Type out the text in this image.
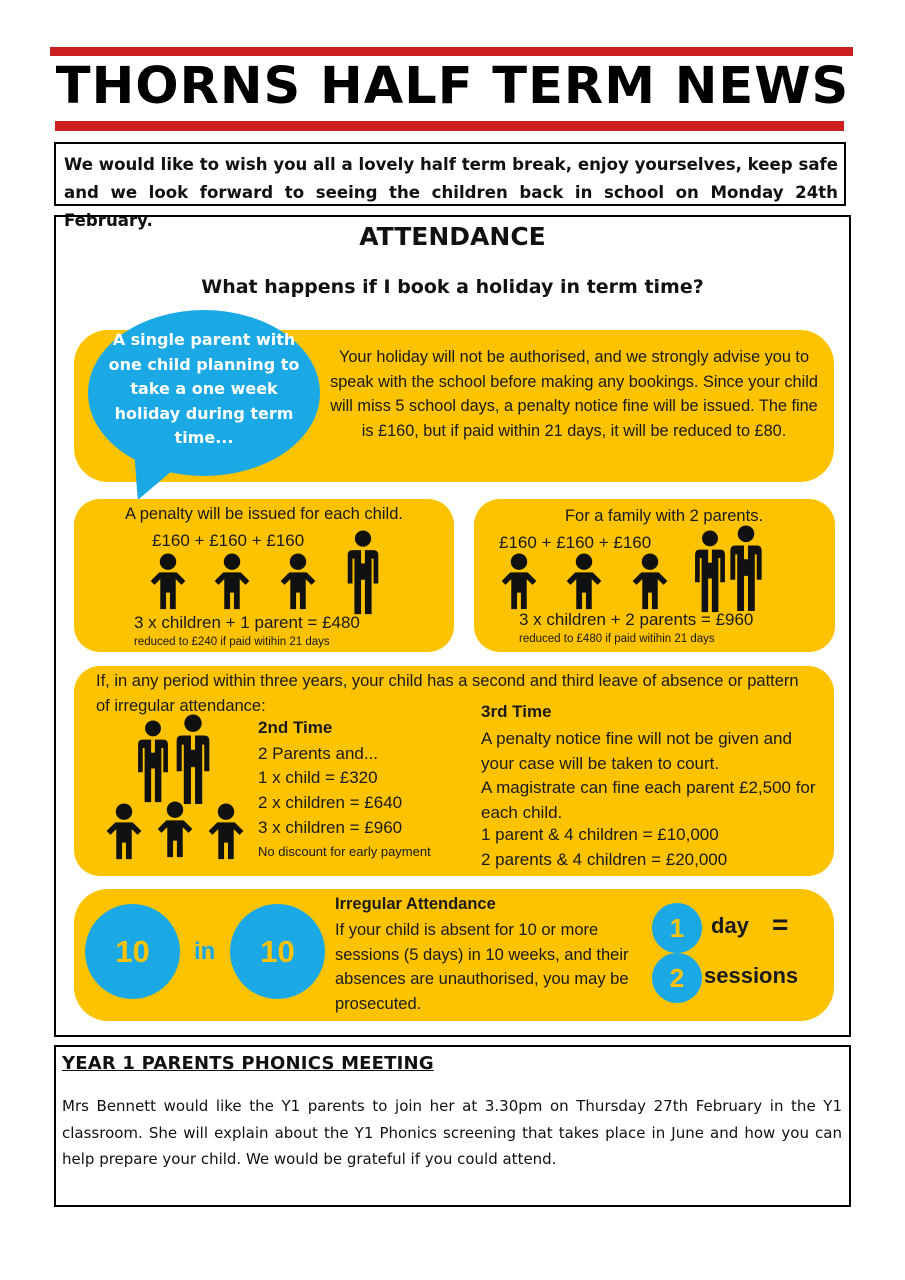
THORNS HALF TERM NEWS
We would like to wish you all a lovely half term break, enjoy yourselves, keep safe and we look forward to seeing the children back in school on Monday 24th February.
ATTENDANCE
What happens if I book a holiday in term time?
A single parent with one child planning to take a one week holiday during term time...
Your holiday will not be authorised, and we strongly advise you to speak with the school before making any bookings. Since your child will miss 5 school days, a penalty notice fine will be issued. The fine is £160, but if paid within 21 days, it will be reduced to £80.
A penalty will be issued for each child.
£160 + £160 + £160
3 x children + 1 parent = £480
reduced to £240 if paid witihin 21 days
For a family with 2 parents.
£160 + £160 + £160
3 x children + 2 parents = £960
reduced to £480 if paid witihin 21 days
If, in any period within three years, your child has a second and third leave of absence or pattern of irregular attendance:
2nd Time
2 Parents and...
1 x child = £320
2 x children = £640
3 x children = £960
No discount for early payment
3rd Time
A penalty notice fine will not be given and your case will be taken to court.
A magistrate can fine each parent £2,500 for each child.
1 parent & 4 children = £10,000
2 parents & 4 children = £20,000
10	in	10
Irregular Attendance
If your child is absent for 10 or more sessions (5 days) in 10 weeks, and their absences are unauthorised, you may be prosecuted.
1	day =
2 sessions
YEAR 1 PARENTS PHONICS MEETING
Mrs Bennett would like the Y1 parents to join her at 3.30pm on Thursday 27th February in the Y1 classroom. She will explain about the Y1 Phonics screening that takes place in June and how you can help prepare your child. We would be grateful if you could attend.
